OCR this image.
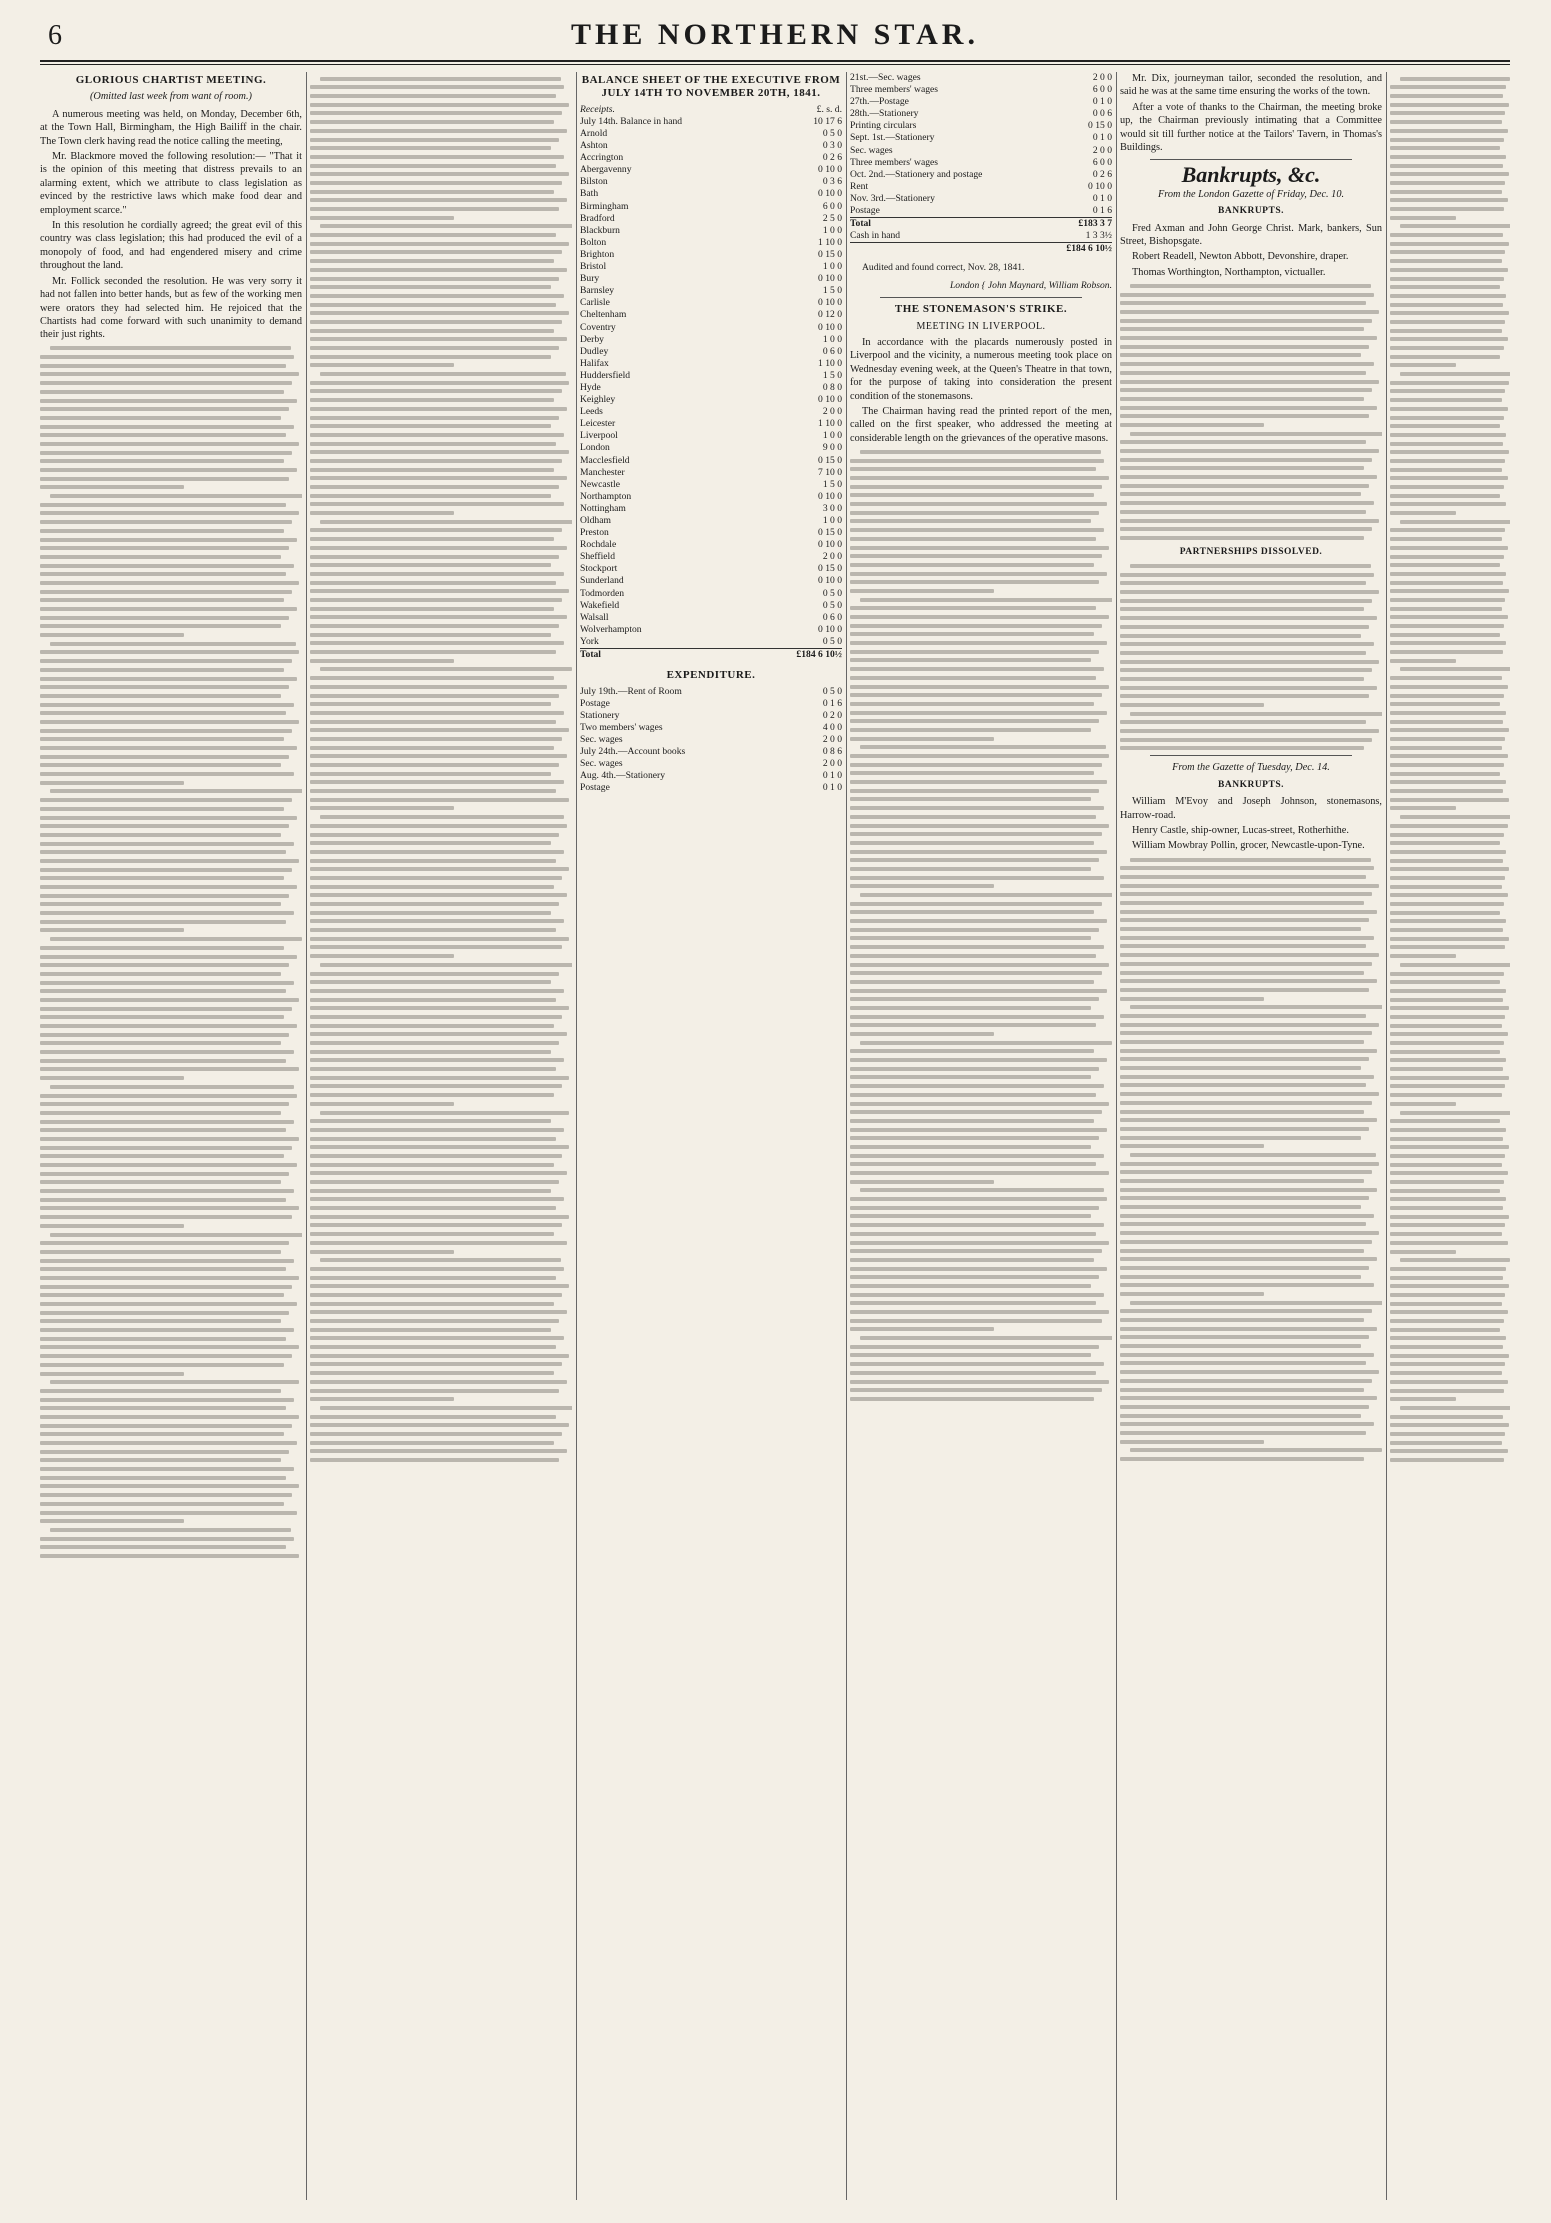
6	THE NORTHERN STAR.
GLORIOUS CHARTIST MEETING.
(Omitted last week from want of room.)

A numerous meeting was held, on Monday, December 6th, at the Town Hall, Birmingham, the High Bailiff in the chair. The Town clerk having read the notice calling the meeting,

Mr. Blackmore moved the following resolution:— "That it is the opinion of this meeting that distress prevails to an alarming extent, which we attribute to class legislation as evinced by the restrictive laws which make food dear and employment scarce."

In this resolution he cordially agreed; the great evil of this country was class legislation; this had produced the evil of a monopoly of food, and had engendered misery and crime throughout the land.

Mr. Follick seconded the resolution. He was very sorry it had not fallen into better hands, but as few of the working men were orators they had selected him. He rejoiced that the Chartists had come forward with such unanimity to demand their just rights.

BALANCE SHEET OF THE EXECUTIVE FROM JULY 14TH TO NOVEMBER 20TH, 1841.
Receipts.	£. s. d.
July 14th. Balance in hand	10 17 6
Arnold	0 5 0
Ashton	0 3 0
Accrington	0 2 6
Abergavenny	0 10 0
Bilston	0 3 6
Bath	0 10 0
Birmingham	6 0 0
Bradford	2 5 0
Blackburn	1 0 0
Bolton	1 10 0
Brighton	0 15 0
Bristol	1 0 0
Bury	0 10 0
Barnsley	1 5 0
Carlisle	0 10 0
Cheltenham	0 12 0
Coventry	0 10 0
Derby	1 0 0
Dudley	0 6 0
Halifax	1 10 0
Huddersfield	1 5 0
Hyde	0 8 0
Keighley	0 10 0
Leeds	2 0 0
Leicester	1 10 0
Liverpool	1 0 0
London	9 0 0
Macclesfield	0 15 0
Manchester	7 10 0
Newcastle	1 5 0
Northampton	0 10 0
Nottingham	3 0 0
Oldham	1 0 0
Preston	0 15 0
Rochdale	0 10 0
Sheffield	2 0 0
Stockport	0 15 0
Sunderland	0 10 0
Todmorden	0 5 0
Wakefield	0 5 0
Walsall	0 6 0
Wolverhampton	0 10 0
York	0 5 0
Total	£184 6 10½
EXPENDITURE.
July 19th.—Rent of Room	0 5 0
Postage	0 1 6
Stationery	0 2 0
Two members' wages	4 0 0
Sec. wages	2 0 0
July 24th.—Account books	0 8 6
Sec. wages	2 0 0
Aug. 4th.—Stationery	0 1 0
Postage	0 1 0
21st.—Sec. wages	2 0 0
Three members' wages	6 0 0
27th.—Postage	0 1 0
28th.—Stationery	0 0 6
Printing circulars	0 15 0
Sept. 1st.—Stationery	0 1 0
Sec. wages	2 0 0
Three members' wages	6 0 0
Oct. 2nd.—Stationery and postage	0 2 6
Rent	0 10 0
Nov. 3rd.—Stationery	0 1 0
Postage	0 1 6
Total	£183 3 7
Cash in hand	1 3 3½
	£184 6 10½

Audited and found correct, Nov. 28, 1841.

London { John Maynard, William Robson.
THE STONEMASON'S STRIKE.
MEETING IN LIVERPOOL.

In accordance with the placards numerously posted in Liverpool and the vicinity, a numerous meeting took place on Wednesday evening week, at the Queen's Theatre in that town, for the purpose of taking into consideration the present condition of the stonemasons.

The Chairman having read the printed report of the men, called on the first speaker, who addressed the meeting at considerable length on the grievances of the operative masons.

Mr. Dix, journeyman tailor, seconded the resolution, and said he was at the same time ensuring the works of the town.

After a vote of thanks to the Chairman, the meeting broke up, the Chairman previously intimating that a Committee would sit till further notice at the Tailors' Tavern, in Thomas's Buildings.

Bankrupts, &c.
From the London Gazette of Friday, Dec. 10.
BANKRUPTS.

Fred Axman and John George Christ. Mark, bankers, Sun Street, Bishopsgate.

Robert Readell, Newton Abbott, Devonshire, draper.

Thomas Worthington, Northampton, victualler.

PARTNERSHIPS DISSOLVED.
From the Gazette of Tuesday, Dec. 14.
BANKRUPTS.

William M'Evoy and Joseph Johnson, stonemasons, Harrow-road.

Henry Castle, ship-owner, Lucas-street, Rotherhithe.

William Mowbray Pollin, grocer, Newcastle-upon-Tyne.
